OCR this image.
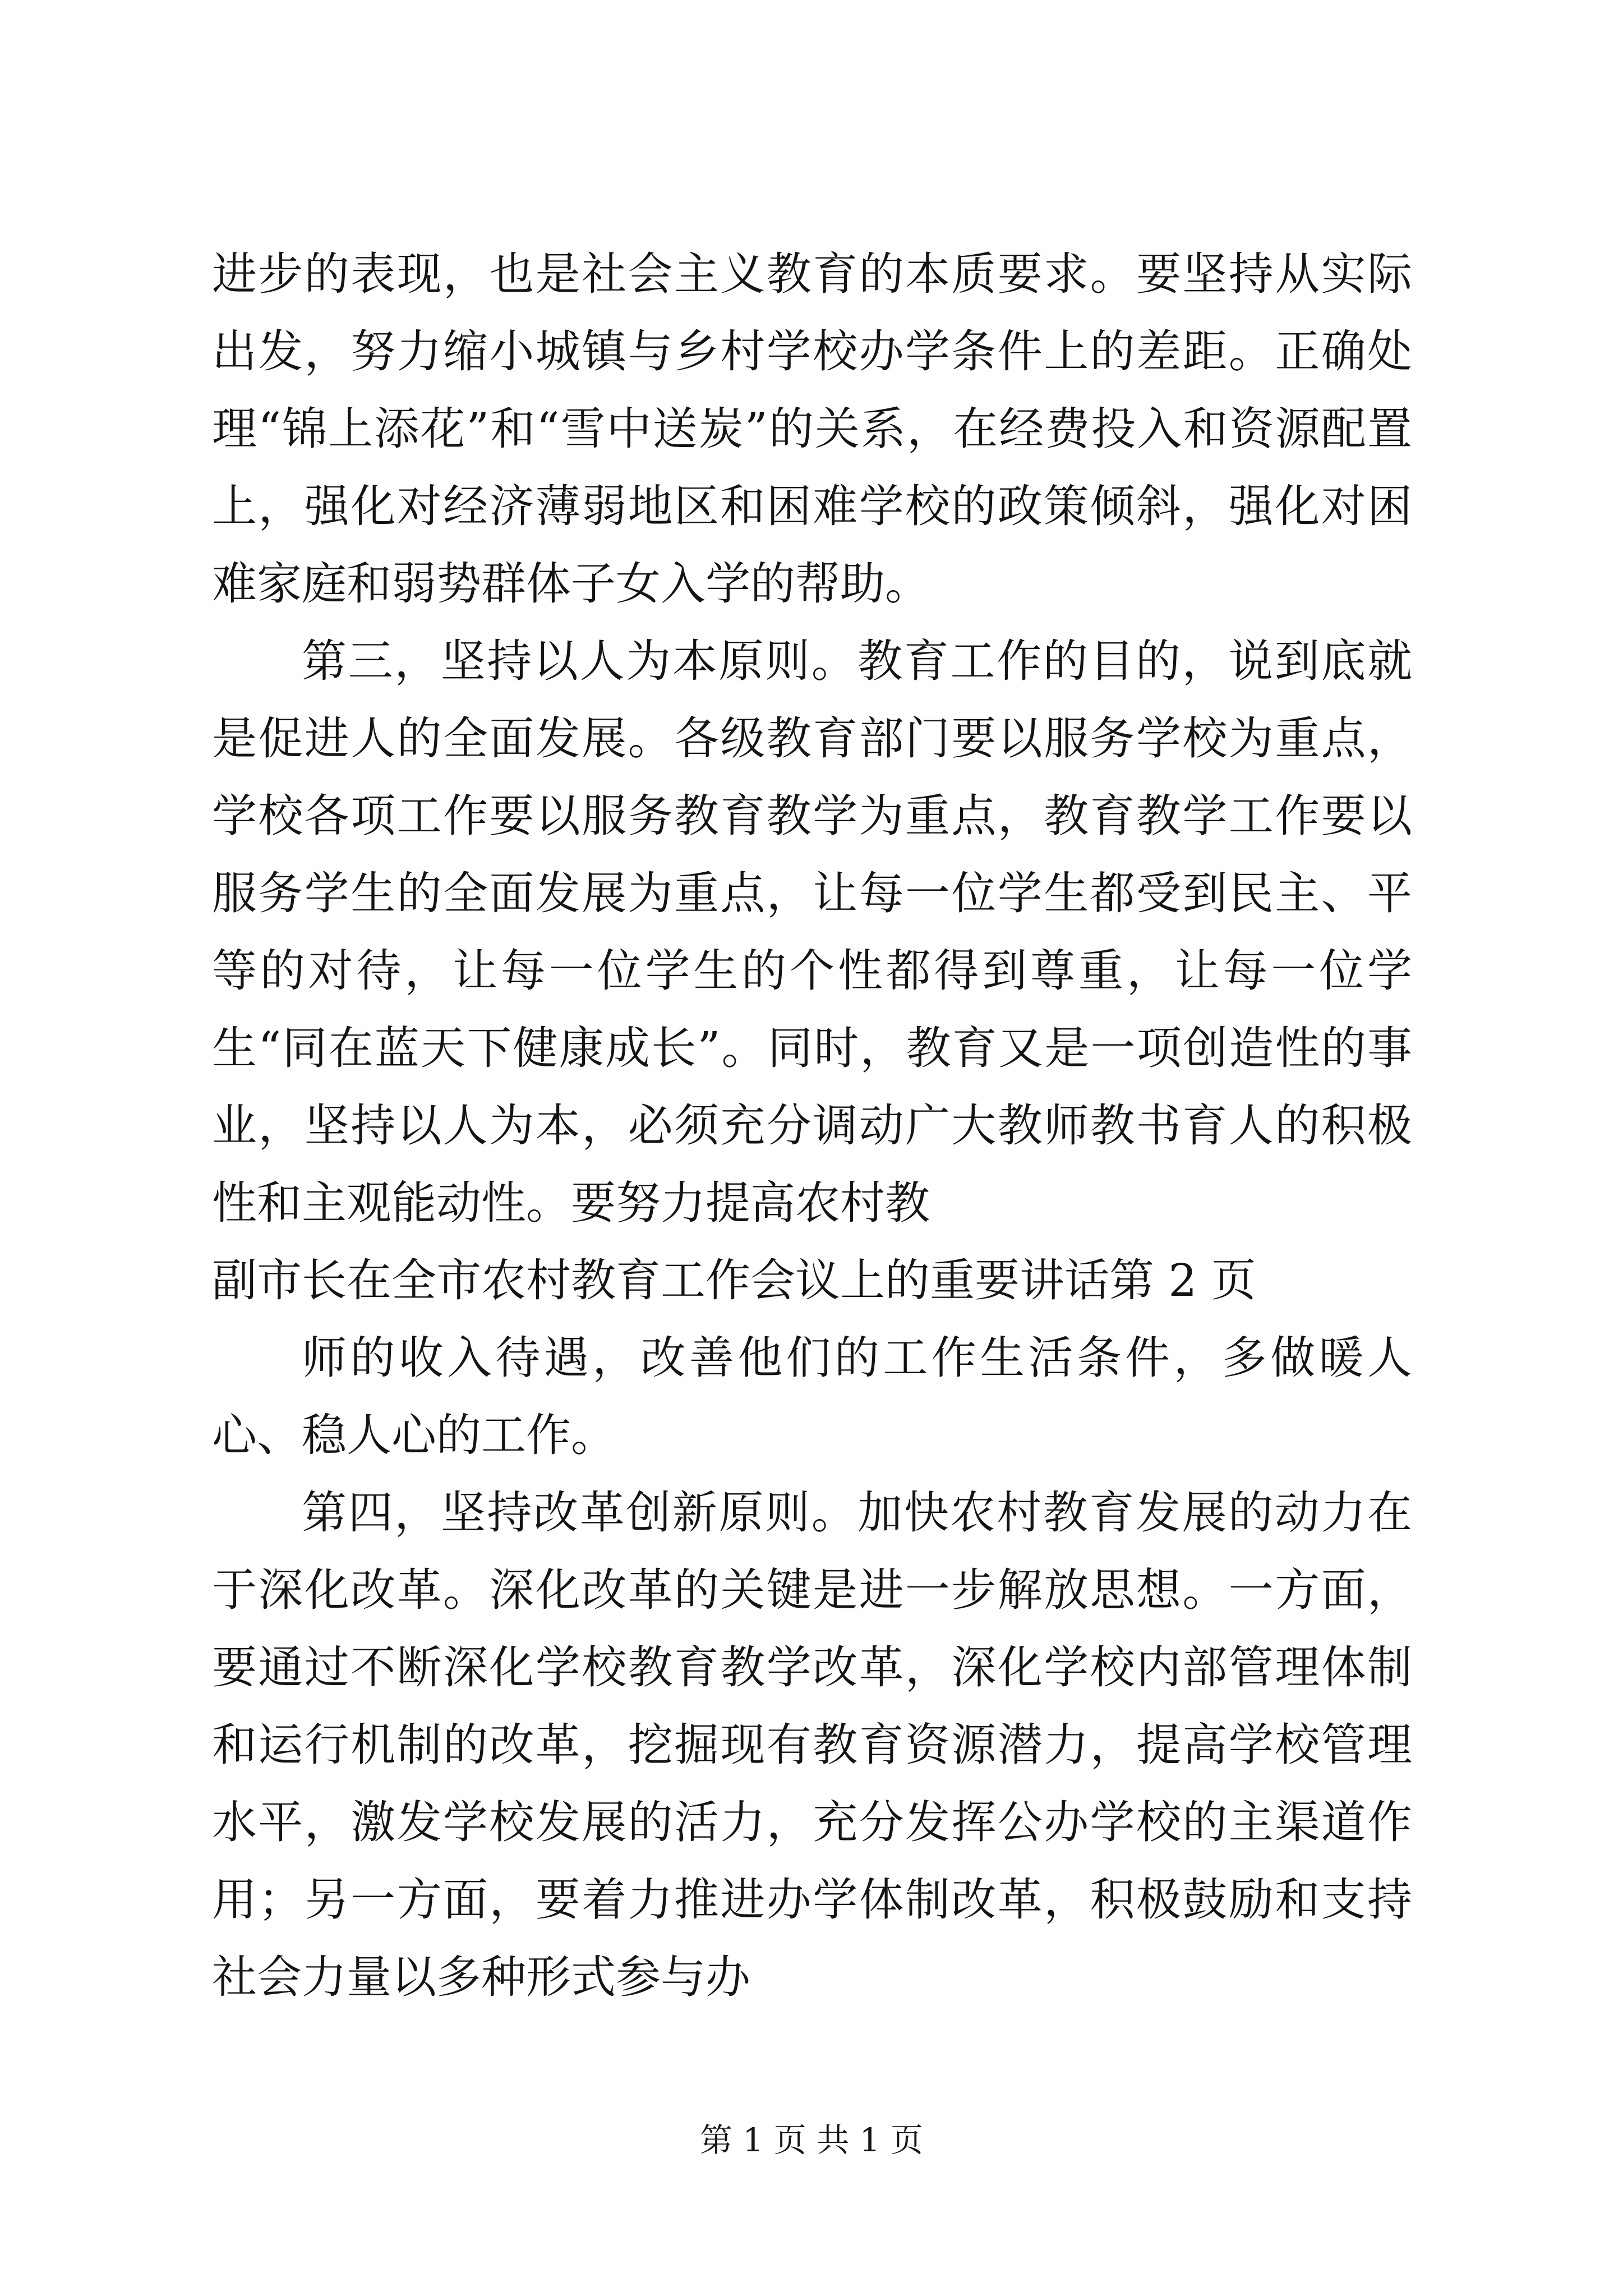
进步的表现，也是社会主义教育的本质要求。要坚持从实际出发，努力缩小城镇与乡村学校办学条件上的差距。正确处理“锦上添花”和“雪中送炭”的关系，在经费投入和资源配置上，强化对经济薄弱地区和困难学校的政策倾斜，强化对困难家庭和弱势群体子女入学的帮助。

第三，坚持以人为本原则。教育工作的目的，说到底就是促进人的全面发展。各级教育部门要以服务学校为重点，学校各项工作要以服务教育教学为重点，教育教学工作要以服务学生的全面发展为重点，让每一位学生都受到民主、平等的对待，让每一位学生的个性都得到尊重，让每一位学生“同在蓝天下健康成长”。同时，教育又是一项创造性的事业，坚持以人为本，必须充分调动广大教师教书育人的积极性和主观能动性。要努力提高农村教

副市长在全市农村教育工作会议上的重要讲话第 2 页

师的收入待遇，改善他们的工作生活条件，多做暖人心、稳人心的工作。

第四，坚持改革创新原则。加快农村教育发展的动力在于深化改革。深化改革的关键是进一步解放思想。一方面，要通过不断深化学校教育教学改革，深化学校内部管理体制和运行机制的改革，挖掘现有教育资源潜力，提高学校管理水平，激发学校发展的活力，充分发挥公办学校的主渠道作用；另一方面，要着力推进办学体制改革，积极鼓励和支持社会力量以多种形式参与办

第 1 页 共 1 页
